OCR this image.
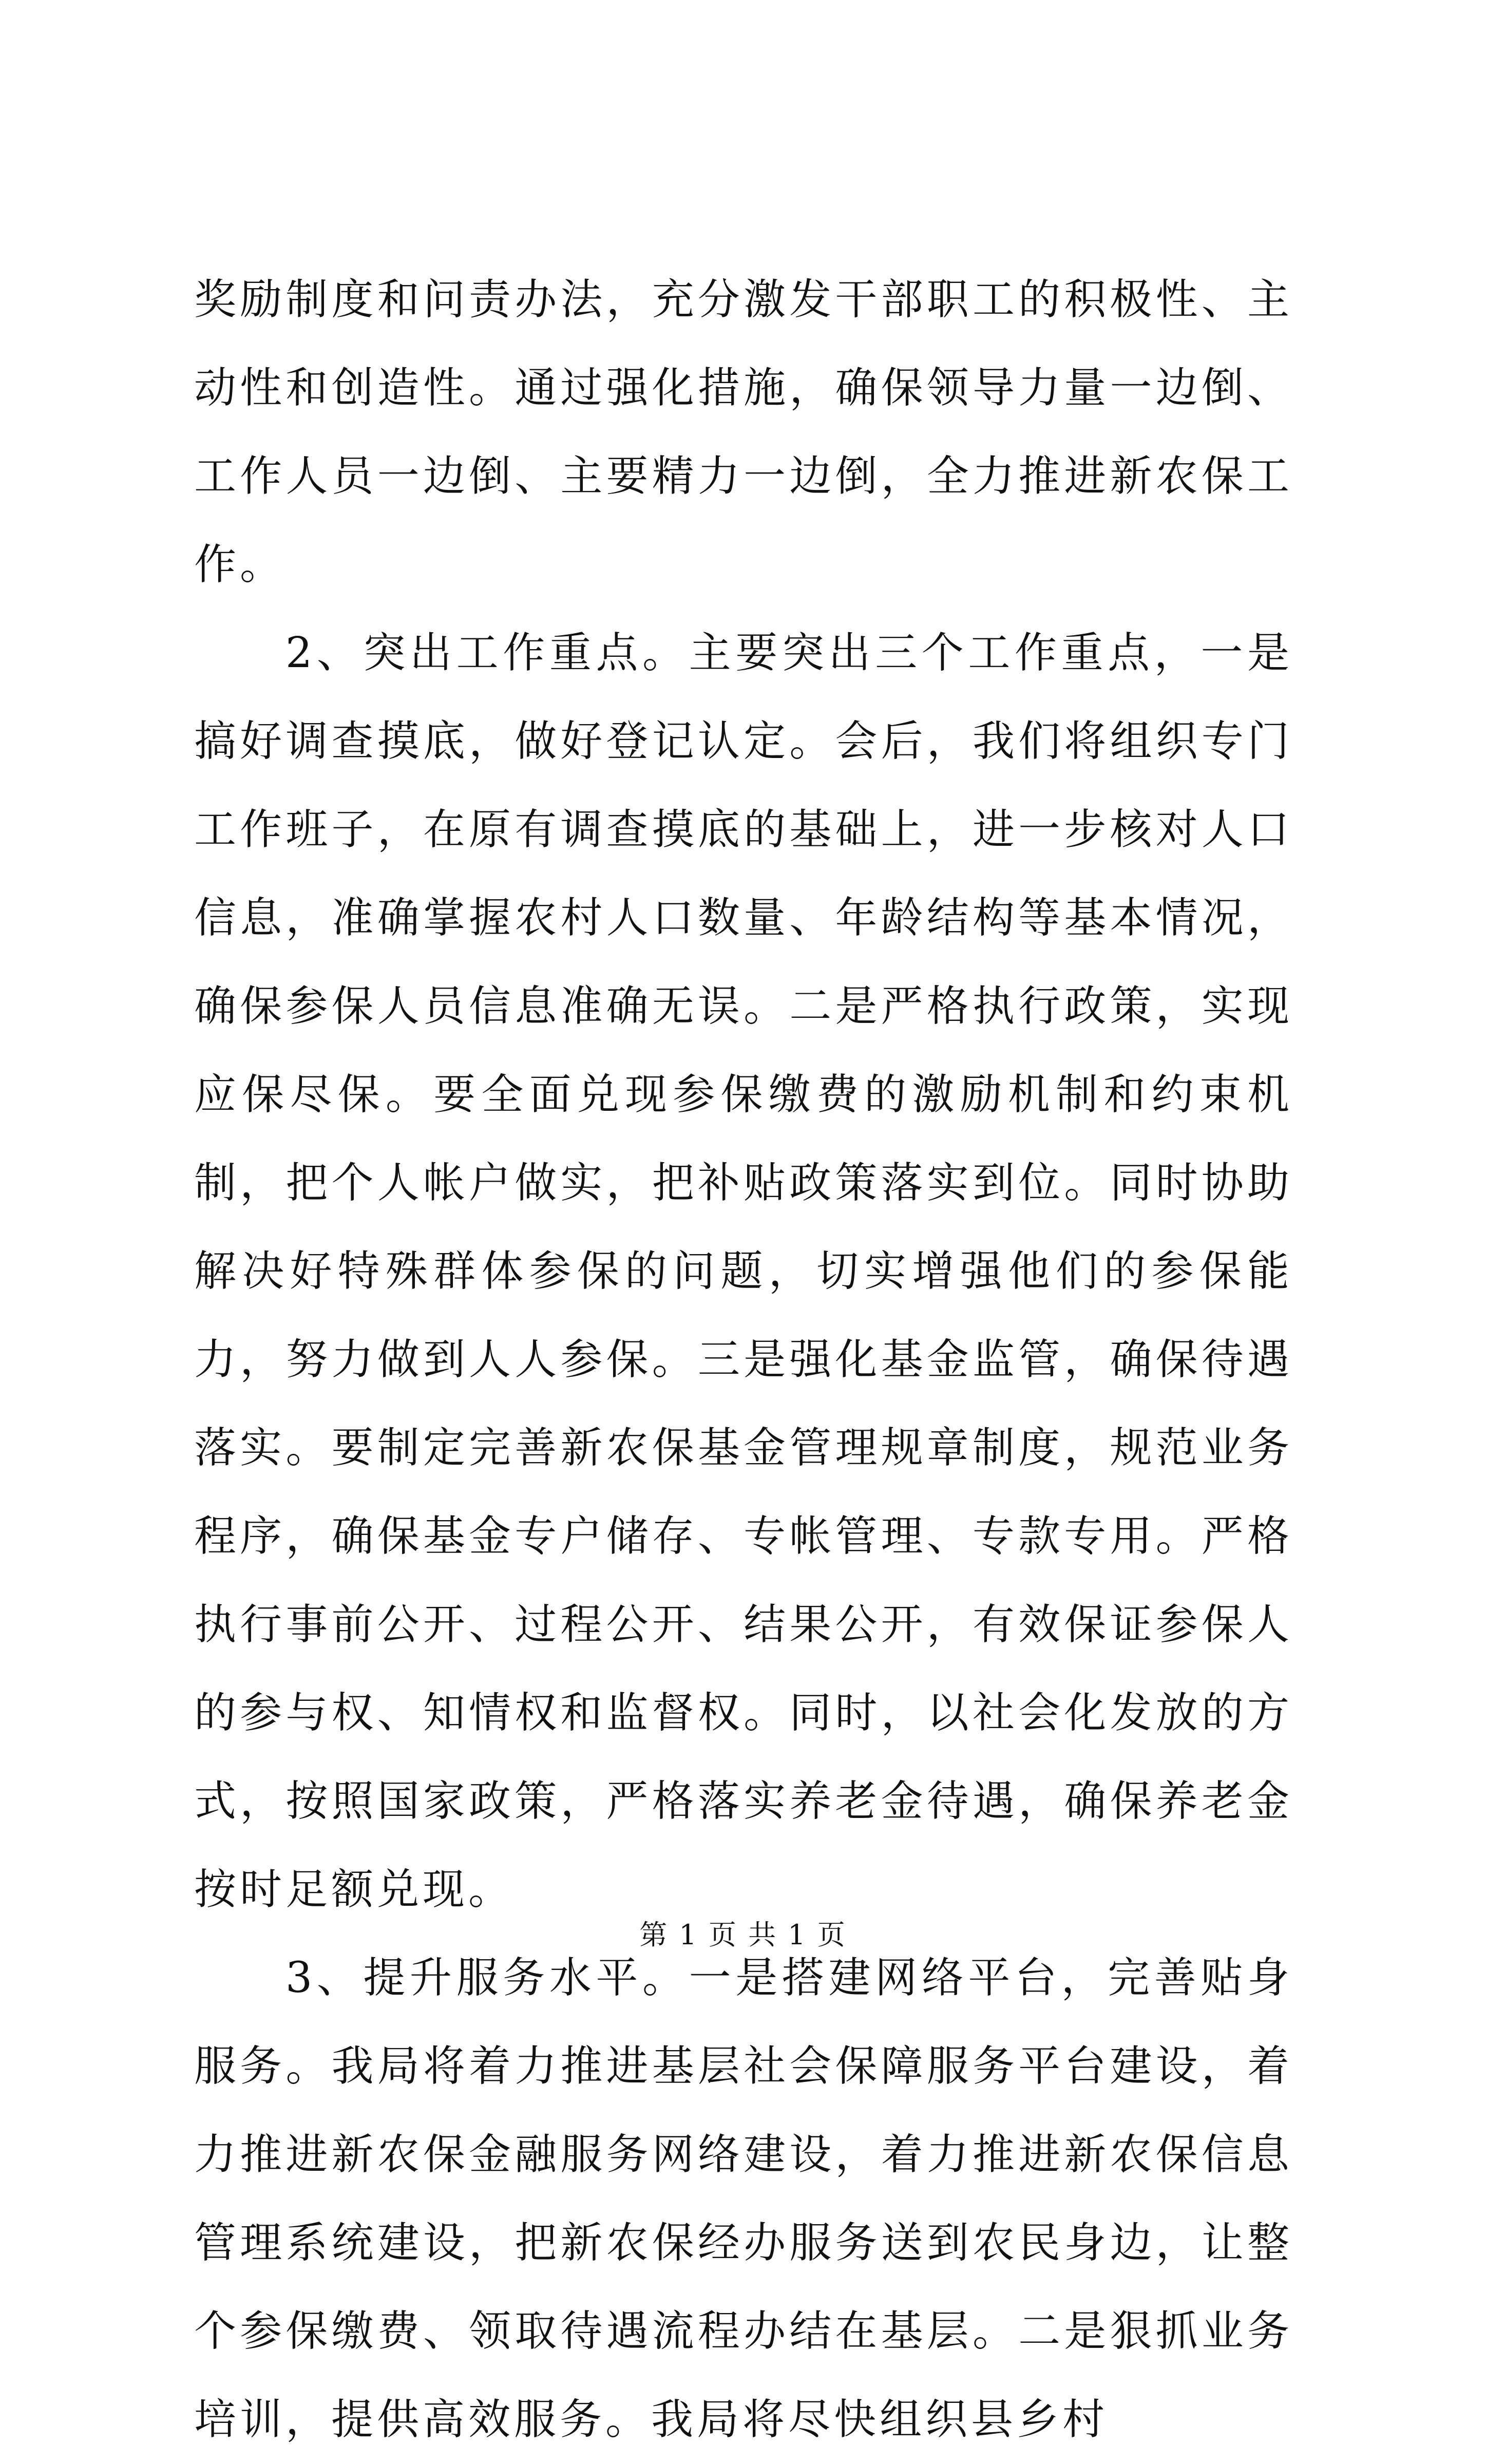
奖励制度和问责办法，充分激发干部职工的积极性、主动性和创造性。通过强化措施，确保领导力量一边倒、工作人员一边倒、主要精力一边倒，全力推进新农保工作。

2、突出工作重点。主要突出三个工作重点，一是搞好调查摸底，做好登记认定。会后，我们将组织专门工作班子，在原有调查摸底的基础上，进一步核对人口信息，准确掌握农村人口数量、年龄结构等基本情况，确保参保人员信息准确无误。二是严格执行政策，实现应保尽保。要全面兑现参保缴费的激励机制和约束机制，把个人帐户做实，把补贴政策落实到位。同时协助解决好特殊群体参保的问题，切实增强他们的参保能力，努力做到人人参保。三是强化基金监管，确保待遇落实。要制定完善新农保基金管理规章制度，规范业务程序，确保基金专户储存、专帐管理、专款专用。严格执行事前公开、过程公开、结果公开，有效保证参保人的参与权、知情权和监督权。同时，以社会化发放的方式，按照国家政策，严格落实养老金待遇，确保养老金按时足额兑现。

3、提升服务水平。一是搭建网络平台，完善贴身服务。我局将着力推进基层社会保障服务平台建设，着力推进新农保金融服务网络建设，着力推进新农保信息管理系统建设，把新农保经办服务送到农民身边，让整个参保缴费、领取待遇流程办结在基层。二是狠抓业务培训，提供高效服务。我局将尽快组织县乡村

第 1 页 共 1 页
